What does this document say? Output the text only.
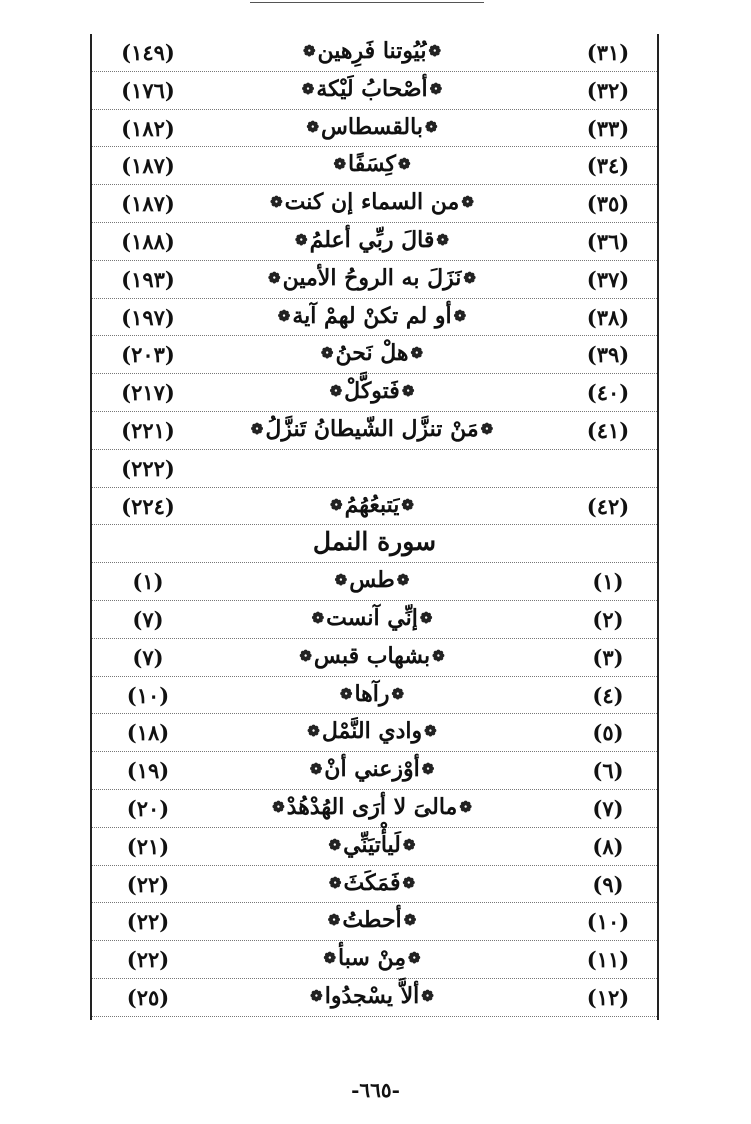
(٣١)
❁بُيُوتنا فَرِهين❁
(١٤٩)
(٣٢)
❁أصْحابُ لَيْكة❁
(١٧٦)
(٣٣)
❁بالقسطاس❁
(١٨٢)
(٣٤)
❁كِسَفًا❁
(١٨٧)
(٣٥)
❁من السماء إن كنت❁
(١٨٧)
(٣٦)
❁قالَ ربِّي أعلمُ❁
(١٨٨)
(٣٧)
❁نَزَلَ به الروحُ الأمين❁
(١٩٣)
(٣٨)
❁أو لم تكنْ لهمْ آية❁
(١٩٧)
(٣٩)
❁هلْ نَحنُ❁
(٢٠٣)
(٤٠)
❁فَتوكَّلْ❁
(٢١٧)
(٤١)
❁مَنْ تنزَّل الشّيطانُ تَنزَّلُ❁
(٢٢١)
(٢٢٢)
(٤٢)
❁يَتبعُهُمُ❁
(٢٢٤)
سورة النمل
(١)
❁طس❁
(١)
(٢)
❁إنِّي آنست❁
(٧)
(٣)
❁بشهاب قبس❁
(٧)
(٤)
❁رآها❁
(١٠)
(٥)
❁وادي النَّمْل❁
(١٨)
(٦)
❁أوْزعني أنْ❁
(١٩)
(٧)
❁مالىَ لا أرَى الهُدْهُدْ❁
(٢٠)
(٨)
❁لَيأْتيَنِّي❁
(٢١)
(٩)
❁فَمَكَثَ❁
(٢٢)
(١٠)
❁أحطتُ❁
(٢٢)
(١١)
❁مِنْ سبأ❁
(٢٢)
(١٢)
❁ألاَّ يسْجدُوا❁
(٢٥)
-٦٦٥-
